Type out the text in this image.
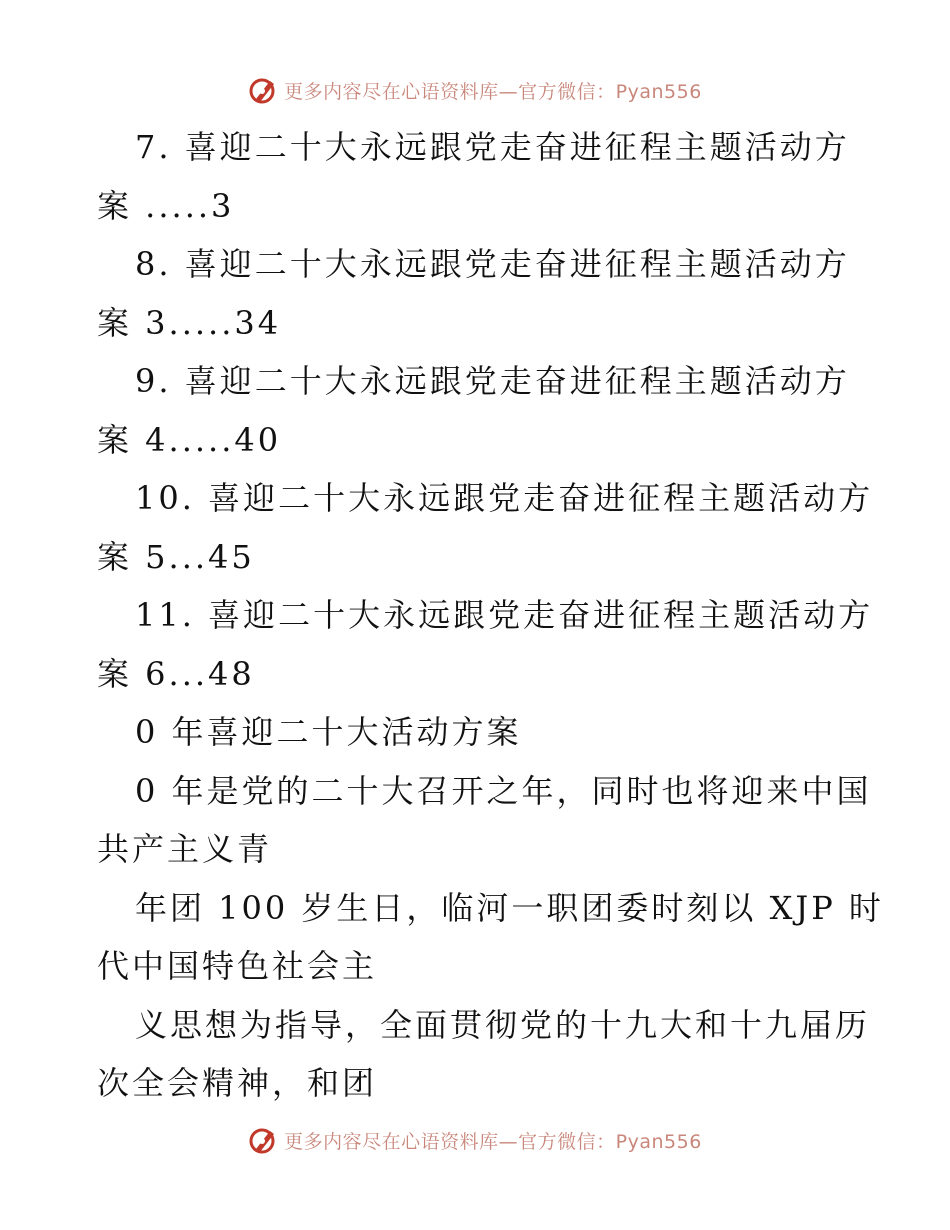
更多内容尽在心语资料库—官方微信：Pyan556
7. 喜迎二十大永远跟党走奋进征程主题活动方
案 .....3
8. 喜迎二十大永远跟党走奋进征程主题活动方
案 3.....34
9. 喜迎二十大永远跟党走奋进征程主题活动方
案 4.....40
10. 喜迎二十大永远跟党走奋进征程主题活动方
案 5...45
11. 喜迎二十大永远跟党走奋进征程主题活动方
案 6...48
0 年喜迎二十大活动方案
0 年是党的二十大召开之年，同时也将迎来中国
共产主义青
年团 100 岁生日，临河一职团委时刻以 XJP 时
代中国特色社会主
义思想为指导，全面贯彻党的十九大和十九届历
次全会精神，和团
更多内容尽在心语资料库—官方微信：Pyan556
